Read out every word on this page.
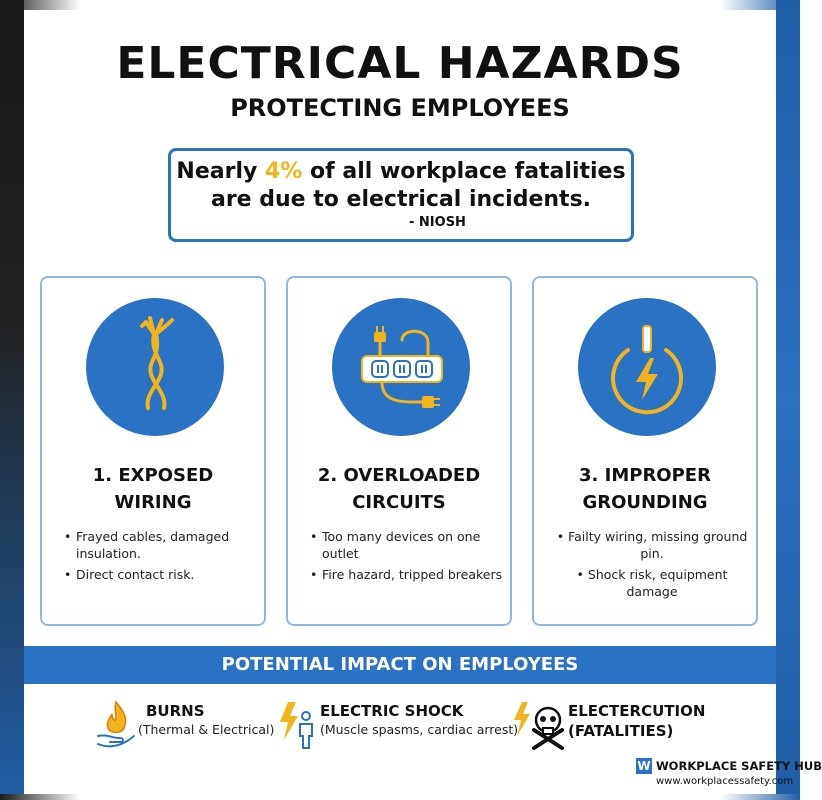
ELECTRICAL HAZARDS
PROTECTING EMPLOYEES
Nearly 4% of all workplace fatalities
are due to electrical incidents.
- NIOSH
1. EXPOSED
WIRING
• Frayed cables, damaged insulation.
• Direct contact risk.
2. OVERLOADED
CIRCUITS
• Too many devices on one outlet
• Fire hazard, tripped breakers
3. IMPROPER
GROUNDING
• Failty wiring, missing ground pin.
• Shock risk, equipment damage
POTENTIAL IMPACT ON EMPLOYEES
BURNS
(Thermal & Electrical)
ELECTRIC SHOCK
(Muscle spasms, cardiac arrest)
ELECTERCUTION
(FATALITIES)
W WORKPLACE SAFETY HUB
www.workplacessafety.com
